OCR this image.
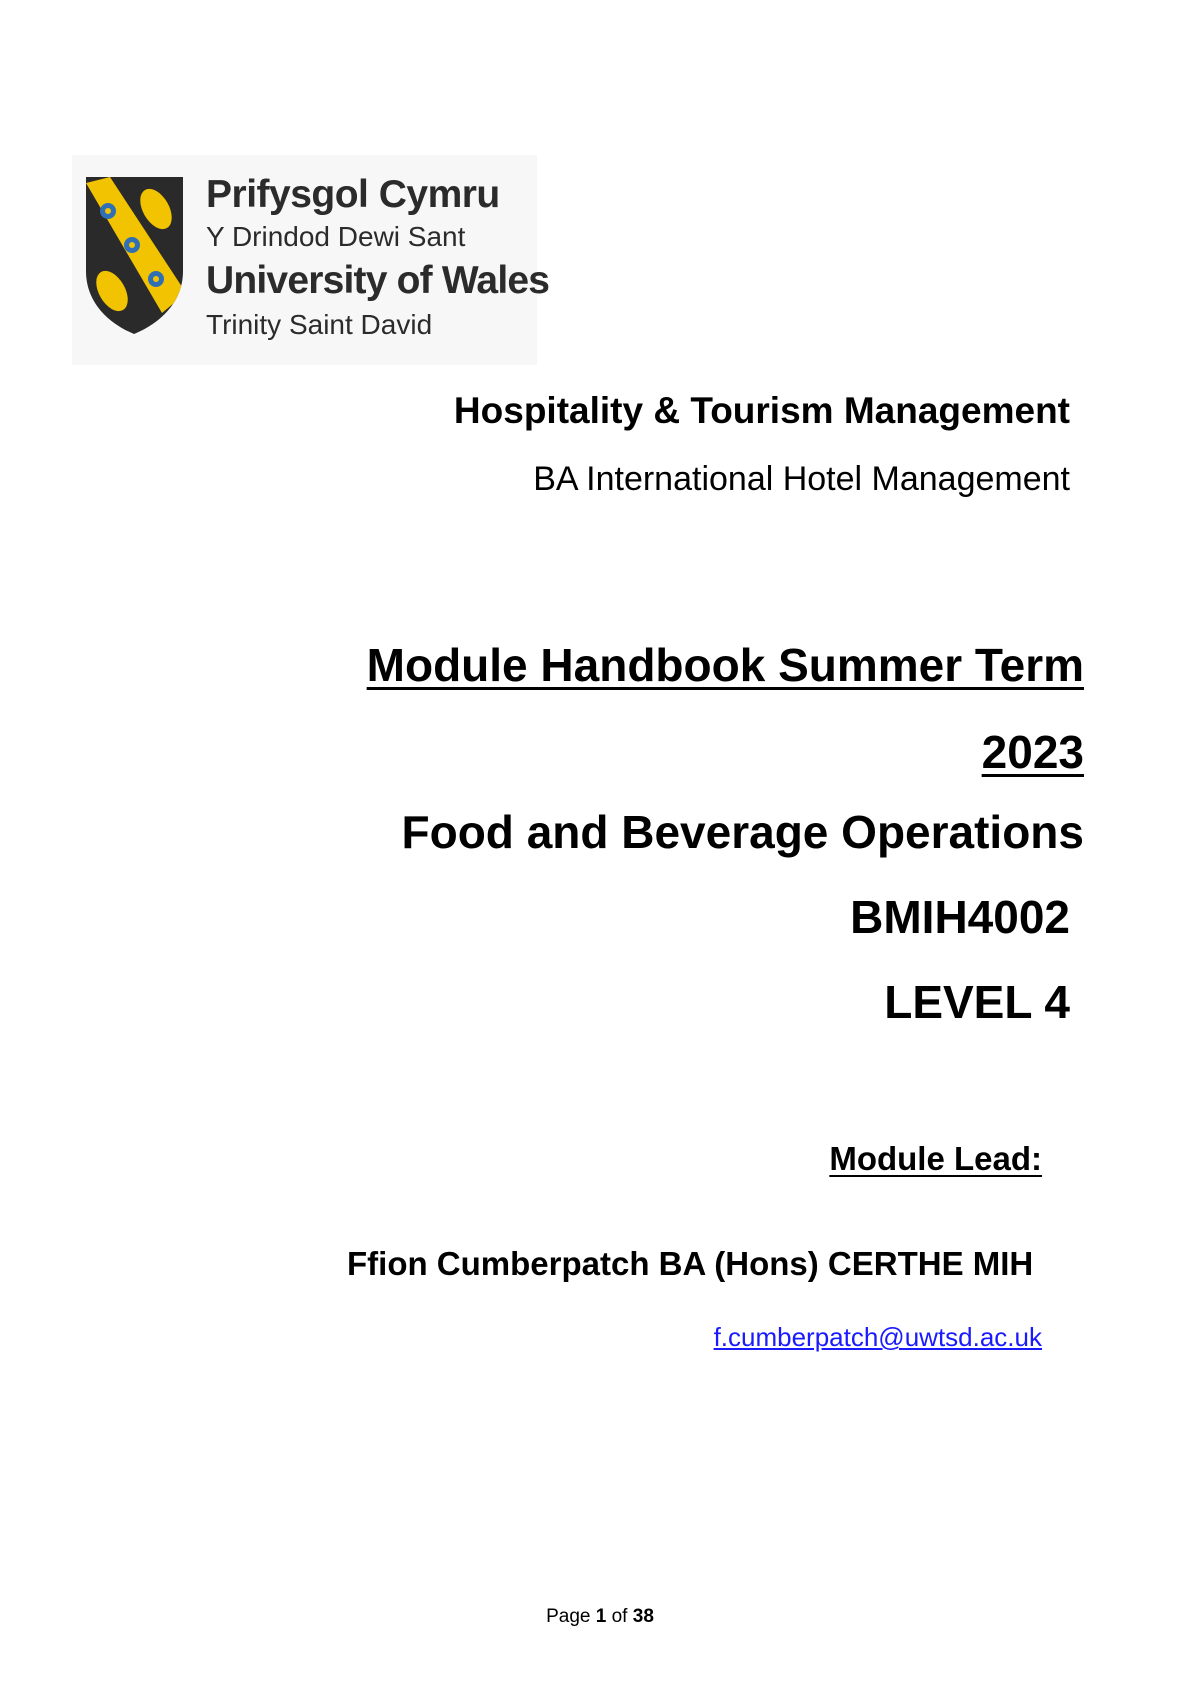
Prifysgol Cymru
Y Drindod Dewi Sant
University of Wales
Trinity Saint David
Hospitality & Tourism Management
BA International Hotel Management
Module Handbook Summer Term
2023
Food and Beverage Operations
BMIH4002
LEVEL 4
Module Lead:
Ffion Cumberpatch BA (Hons) CERTHE MIH
f.cumberpatch@uwtsd.ac.uk
Page 1 of 38
